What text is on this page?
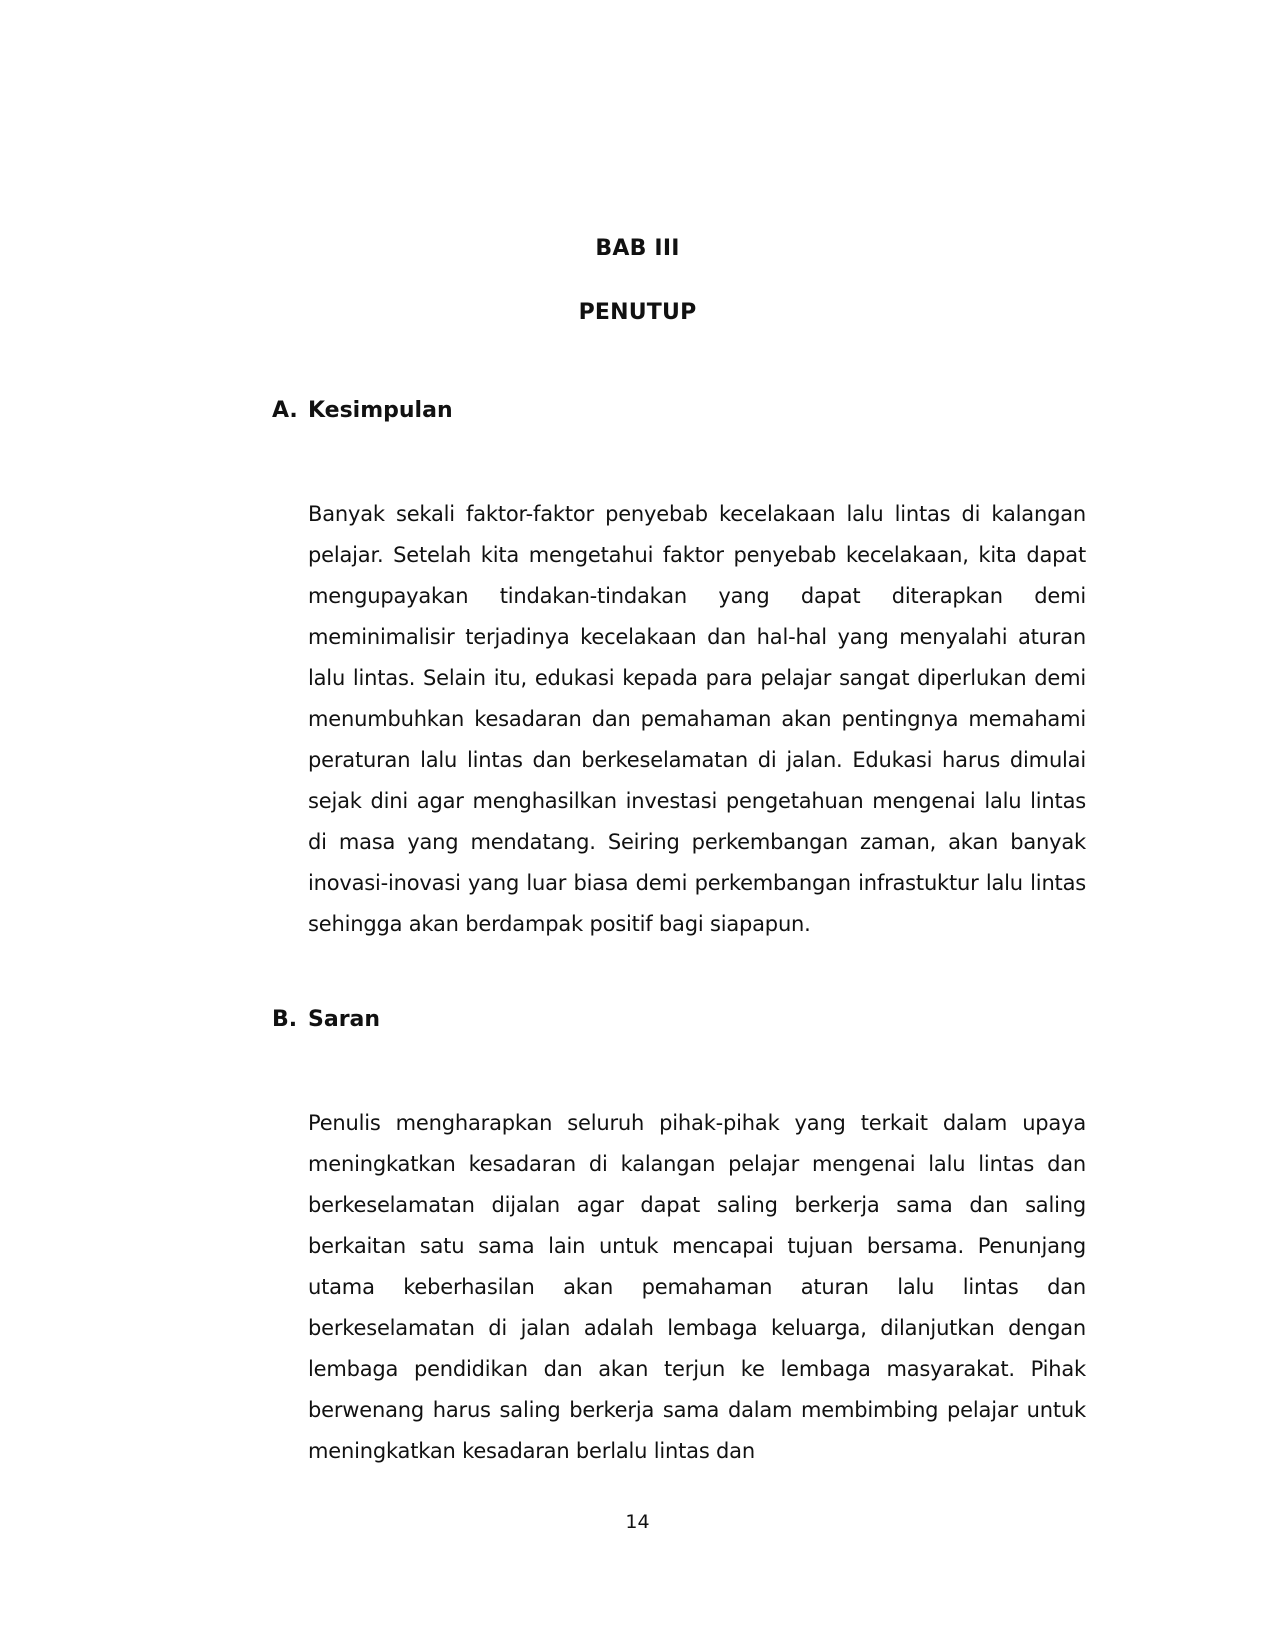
BAB III
PENUTUP
A. Kesimpulan

Banyak sekali faktor-faktor penyebab kecelakaan lalu lintas di kalangan pelajar. Setelah kita mengetahui faktor penyebab kecelakaan, kita dapat mengupayakan tindakan-tindakan yang dapat diterapkan demi meminimalisir terjadinya kecelakaan dan hal-hal yang menyalahi aturan lalu lintas. Selain itu, edukasi kepada para pelajar sangat diperlukan demi menumbuhkan kesadaran dan pemahaman akan pentingnya memahami peraturan lalu lintas dan berkeselamatan di jalan. Edukasi harus dimulai sejak dini agar menghasilkan investasi pengetahuan mengenai lalu lintas di masa yang mendatang. Seiring perkembangan zaman, akan banyak inovasi-inovasi yang luar biasa demi perkembangan infrastuktur lalu lintas sehingga akan berdampak positif bagi siapapun.

B. Saran

Penulis mengharapkan seluruh pihak-pihak yang terkait dalam upaya meningkatkan kesadaran di kalangan pelajar mengenai lalu lintas dan berkeselamatan dijalan agar dapat saling berkerja sama dan saling berkaitan satu sama lain untuk mencapai tujuan bersama. Penunjang utama keberhasilan akan pemahaman aturan lalu lintas dan berkeselamatan di jalan adalah lembaga keluarga, dilanjutkan dengan lembaga pendidikan dan akan terjun ke lembaga masyarakat. Pihak berwenang harus saling berkerja sama dalam membimbing pelajar untuk meningkatkan kesadaran berlalu lintas dan

14
